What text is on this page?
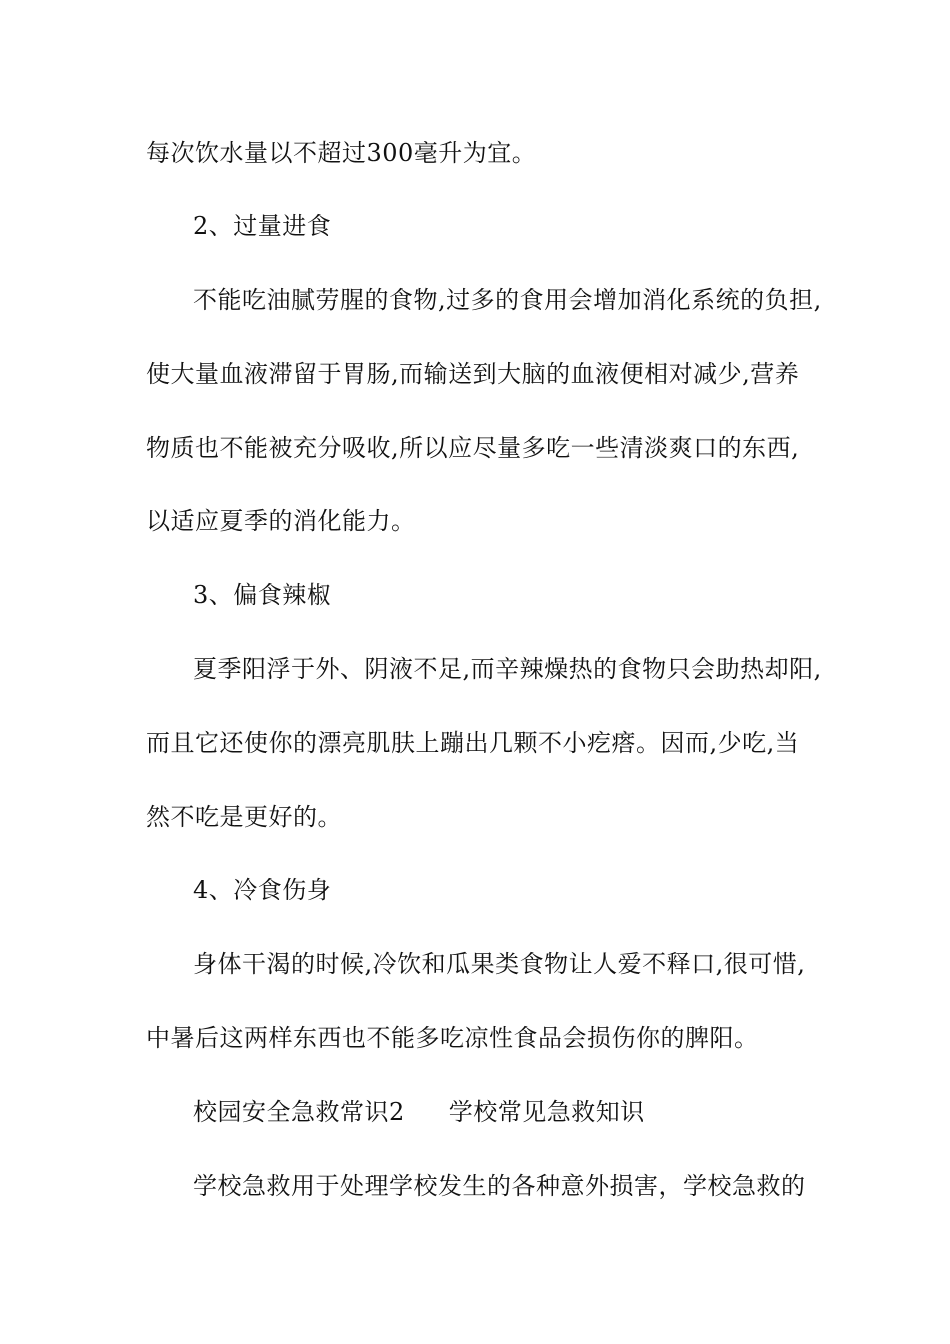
每次饮水量以不超过300毫升为宜。
2、过量进食
不能吃油腻劳腥的食物,过多的食用会增加消化系统的负担,
使大量血液滞留于胃肠,而输送到大脑的血液便相对减少,营养
物质也不能被充分吸收,所以应尽量多吃一些清淡爽口的东西,
以适应夏季的消化能力。
3、偏食辣椒
夏季阳浮于外、阴液不足,而辛辣燥热的食物只会助热却阳,
而且它还使你的漂亮肌肤上蹦出几颗不小疙瘩。因而,少吃,当
然不吃是更好的。
4、冷食伤身
身体干渴的时候,冷饮和瓜果类食物让人爱不释口,很可惜,
中暑后这两样东西也不能多吃凉性食品会损伤你的脾阳。
校园安全急救常识2 学校常见急救知识
学校急救用于处理学校发生的各种意外损害，学校急救的
